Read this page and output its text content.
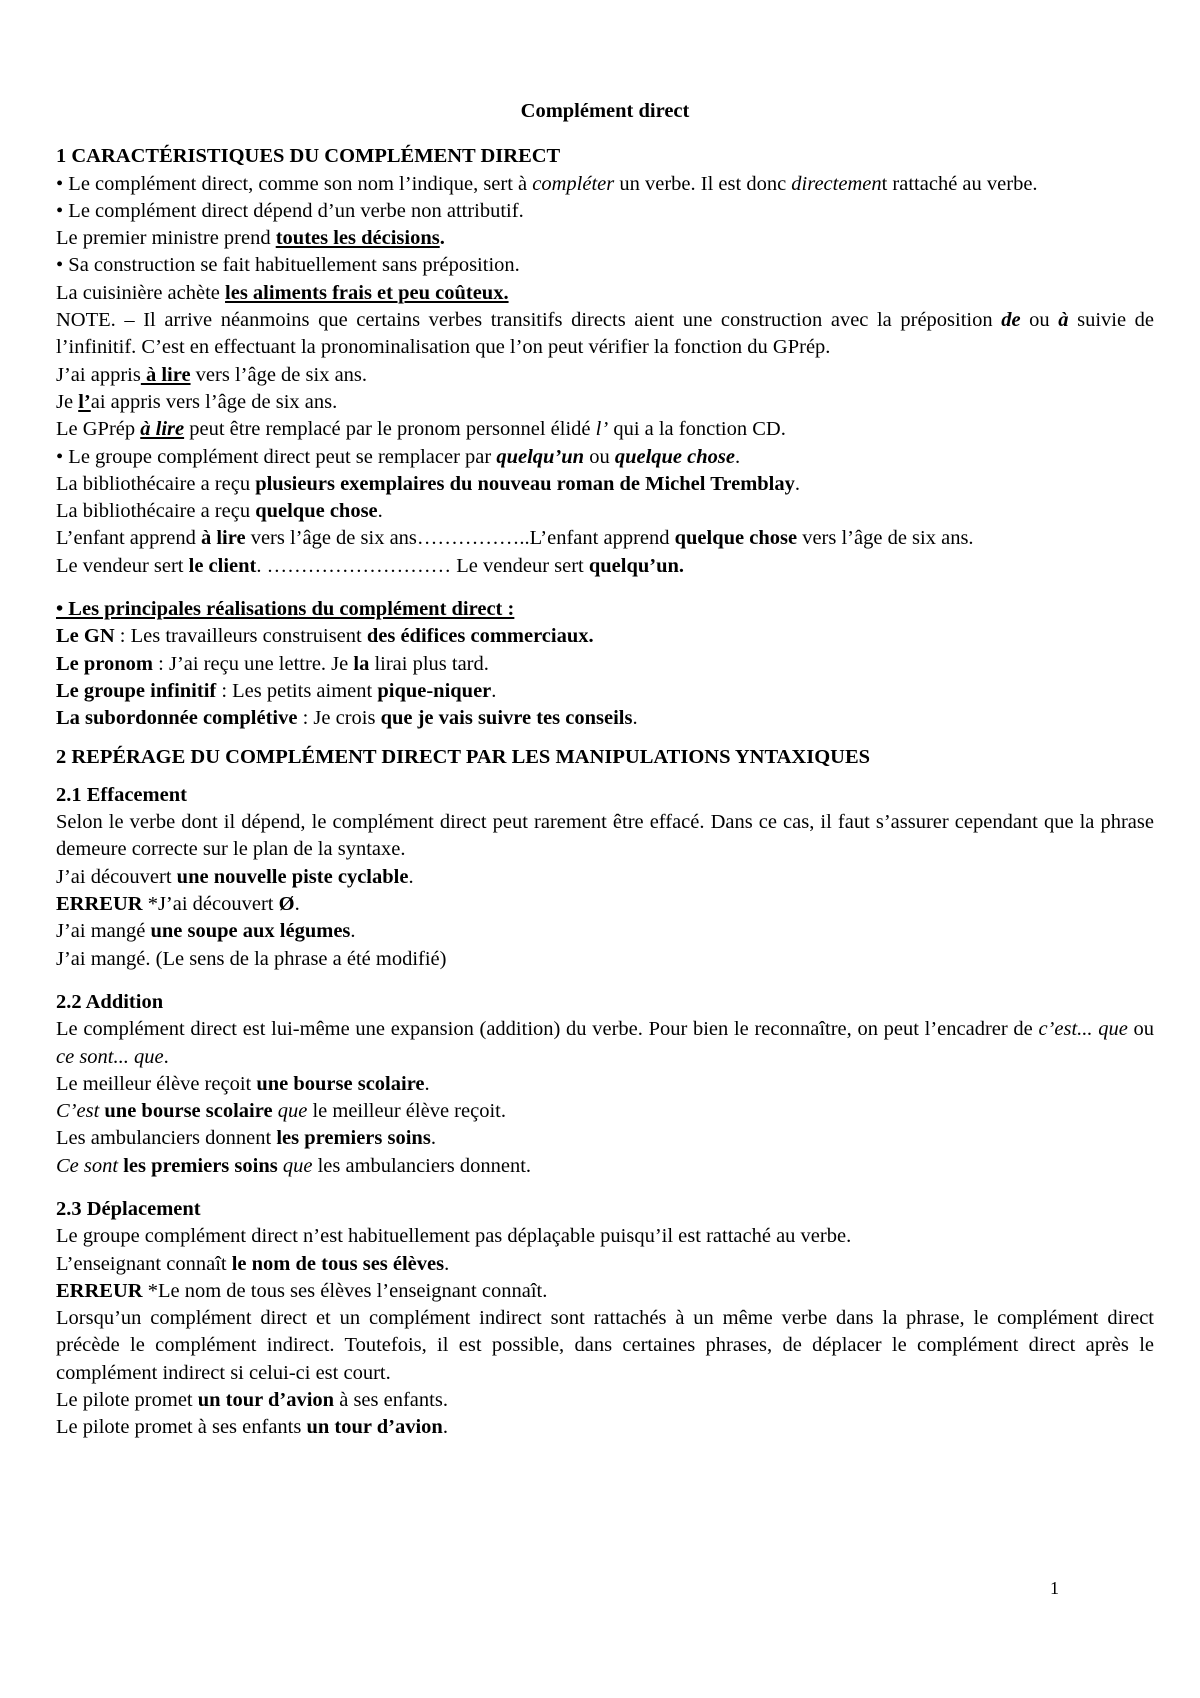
Complément direct
1 CARACTÉRISTIQUES DU COMPLÉMENT DIRECT
• Le complément direct, comme son nom l’indique, sert à compléter un verbe. Il est donc directement rattaché au verbe.
• Le complément direct dépend d’un verbe non attributif.
Le premier ministre prend toutes les décisions.
• Sa construction se fait habituellement sans préposition.
La cuisinière achète les aliments frais et peu coûteux.
NOTE. – Il arrive néanmoins que certains verbes transitifs directs aient une construction avec la préposition de ou à suivie de l’infinitif. C’est en effectuant la pronominalisation que l’on peut vérifier la fonction du GPrép.
J’ai appris à lire vers l’âge de six ans.
Je l’ai appris vers l’âge de six ans.
Le GPrép à lire peut être remplacé par le pronom personnel élidé l’ qui a la fonction CD.
• Le groupe complément direct peut se remplacer par quelqu’un ou quelque chose.
La bibliothécaire a reçu plusieurs exemplaires du nouveau roman de Michel Tremblay.
La bibliothécaire a reçu quelque chose.
L’enfant apprend à lire vers l’âge de six ans……………..L’enfant apprend quelque chose vers l’âge de six ans.
Le vendeur sert le client. ……………………… Le vendeur sert quelqu’un.
• Les principales réalisations du complément direct :
Le GN : Les travailleurs construisent des édifices commerciaux.
Le pronom : J’ai reçu une lettre. Je la lirai plus tard.
Le groupe infinitif : Les petits aiment pique-niquer.
La subordonnée complétive : Je crois que je vais suivre tes conseils.
2 REPÉRAGE DU COMPLÉMENT DIRECT PAR LES MANIPULATIONS YNTAXIQUES
2.1 Effacement
Selon le verbe dont il dépend, le complément direct peut rarement être effacé. Dans ce cas, il faut s’assurer cependant que la phrase demeure correcte sur le plan de la syntaxe.
J’ai découvert une nouvelle piste cyclable.
ERREUR *J’ai découvert Ø.
J’ai mangé une soupe aux légumes.
J’ai mangé. (Le sens de la phrase a été modifié)
2.2 Addition
Le complément direct est lui-même une expansion (addition) du verbe. Pour bien le reconnaître, on peut l’encadrer de c’est... que ou ce sont... que.
Le meilleur élève reçoit une bourse scolaire.
C’est une bourse scolaire que le meilleur élève reçoit.
Les ambulanciers donnent les premiers soins.
Ce sont les premiers soins que les ambulanciers donnent.
2.3 Déplacement
Le groupe complément direct n’est habituellement pas déplaçable puisqu’il est rattaché au verbe.
L’enseignant connaît le nom de tous ses élèves.
ERREUR *Le nom de tous ses élèves l’enseignant connaît.
Lorsqu’un complément direct et un complément indirect sont rattachés à un même verbe dans la phrase, le complément direct précède le complément indirect. Toutefois, il est possible, dans certaines phrases, de déplacer le complément direct après le complément indirect si celui-ci est court.
Le pilote promet un tour d’avion à ses enfants.
Le pilote promet à ses enfants un tour d’avion.
1
